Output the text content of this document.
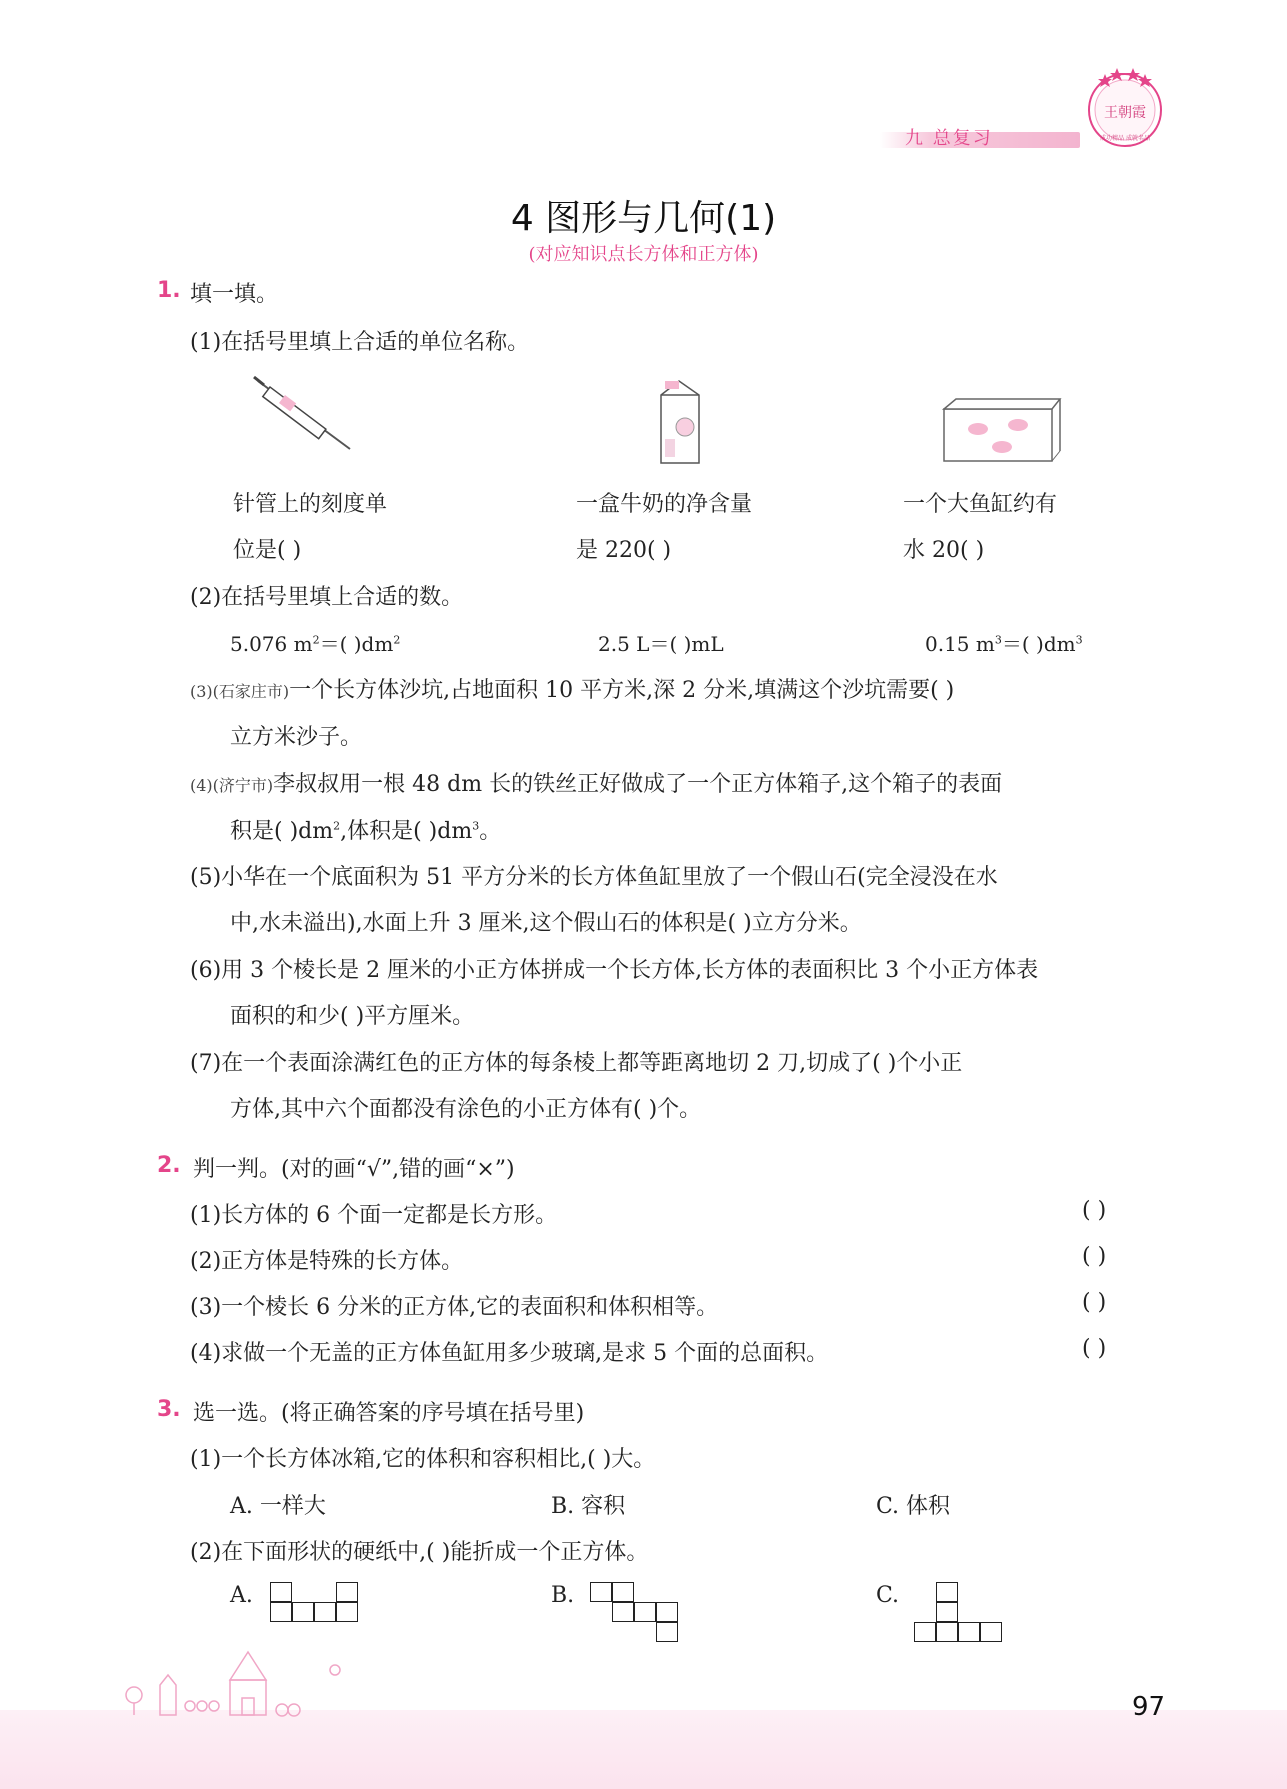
九 总复习
王朝霞
成功精品 成就名品
4 图形与几何(1)
(对应知识点长方体和正方体)
1. 填一填。
(1)在括号里填上合适的单位名称。
针管上的刻度单
位是( )
一盒牛奶的净含量
是 220( )
一个大鱼缸约有
水 20( )
(2)在括号里填上合适的数。
5.076 $m^2=$( )$dm^2$	2.5 L＝( )mL	0.15 $m^3=$( )$dm^3$
(3)(石家庄市)一个长方体沙坑,占地面积 10 平方米,深 2 分米,填满这个沙坑需要( )
立方米沙子。
(4)(济宁市)李叔叔用一根 48 dm 长的铁丝正好做成了一个正方体箱子,这个箱子的表面
积是( )$dm^2$,体积是( )$dm^3$。
(5)小华在一个底面积为 51 平方分米的长方体鱼缸里放了一个假山石(完全浸没在水
中,水未溢出),水面上升 3 厘米,这个假山石的体积是( )立方分米。
(6)用 3 个棱长是 2 厘米的小正方体拼成一个长方体,长方体的表面积比 3 个小正方体表
面积的和少( )平方厘米。
(7)在一个表面涂满红色的正方体的每条棱上都等距离地切 2 刀,切成了( )个小正
方体,其中六个面都没有涂色的小正方体有( )个。
2. 判一判。(对的画“√”,错的画“×”)
(1)长方体的 6 个面一定都是长方形。	( )
(2)正方体是特殊的长方体。	( )
(3)一个棱长 6 分米的正方体,它的表面积和体积相等。	( )
(4)求做一个无盖的正方体鱼缸用多少玻璃,是求 5 个面的总面积。	( )
3. 选一选。(将正确答案的序号填在括号里)
(1)一个长方体冰箱,它的体积和容积相比,( )大。
A. 一样大	B. 容积	C. 体积
(2)在下面形状的硬纸中,( )能折成一个正方体。
A.	B.	C.
97
